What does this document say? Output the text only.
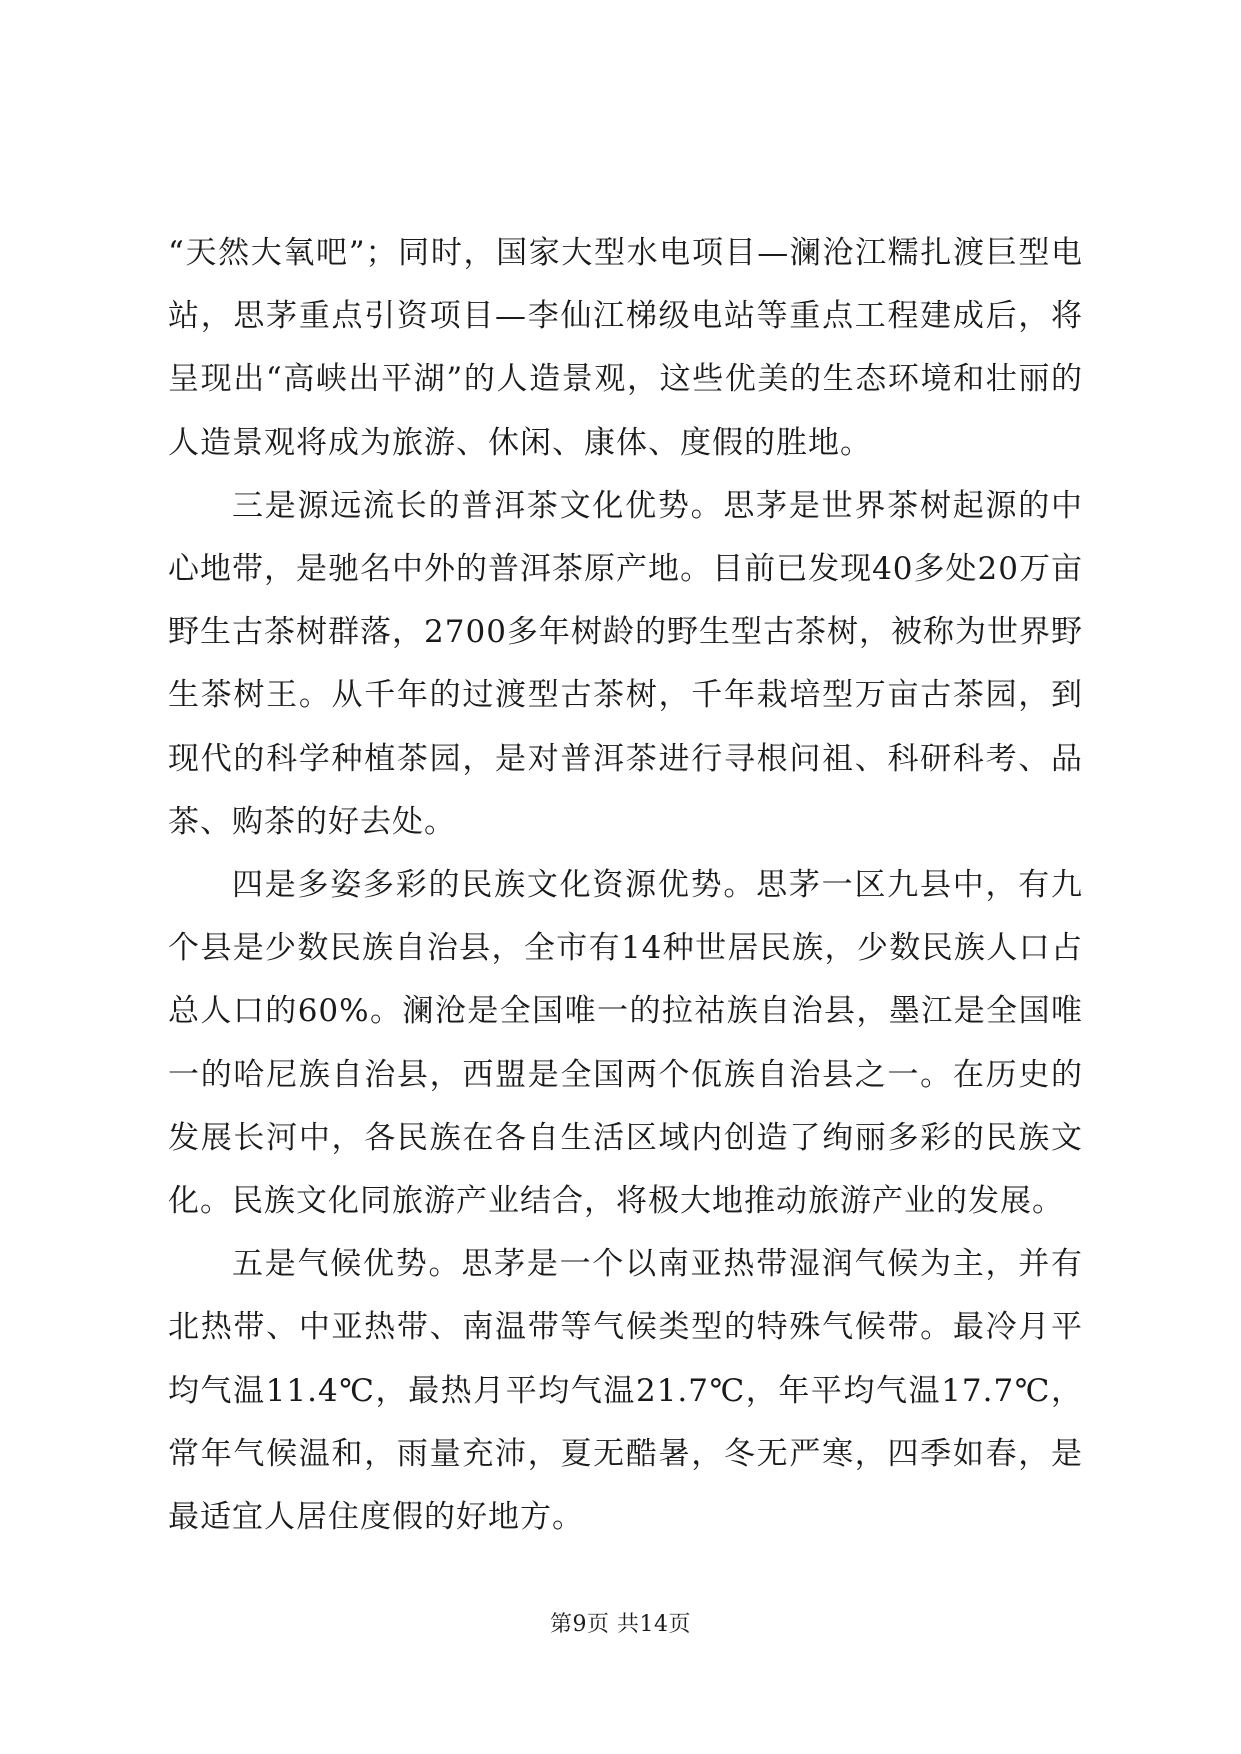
“天然大氧吧”；同时，国家大型水电项目—澜沧江糯扎渡巨型电站，思茅重点引资项目—李仙江梯级电站等重点工程建成后，将呈现出“高峡出平湖”的人造景观，这些优美的生态环境和壮丽的人造景观将成为旅游、休闲、康体、度假的胜地。

三是源远流长的普洱茶文化优势。思茅是世界茶树起源的中心地带，是驰名中外的普洱茶原产地。目前已发现40多处20万亩野生古茶树群落，2700多年树龄的野生型古茶树，被称为世界野生茶树王。从千年的过渡型古茶树，千年栽培型万亩古茶园，到现代的科学种植茶园，是对普洱茶进行寻根问祖、科研科考、品茶、购茶的好去处。

四是多姿多彩的民族文化资源优势。思茅一区九县中，有九个县是少数民族自治县，全市有14种世居民族，少数民族人口占总人口的60%。澜沧是全国唯一的拉祜族自治县，墨江是全国唯一的哈尼族自治县，西盟是全国两个佤族自治县之一。在历史的发展长河中，各民族在各自生活区域内创造了绚丽多彩的民族文化。民族文化同旅游产业结合，将极大地推动旅游产业的发展。

五是气候优势。思茅是一个以南亚热带湿润气候为主，并有北热带、中亚热带、南温带等气候类型的特殊气候带。最冷月平均气温11.4℃，最热月平均气温21.7℃，年平均气温17.7℃，常年气候温和，雨量充沛，夏无酷暑，冬无严寒，四季如春，是最适宜人居住度假的好地方。

第9页 共14页
